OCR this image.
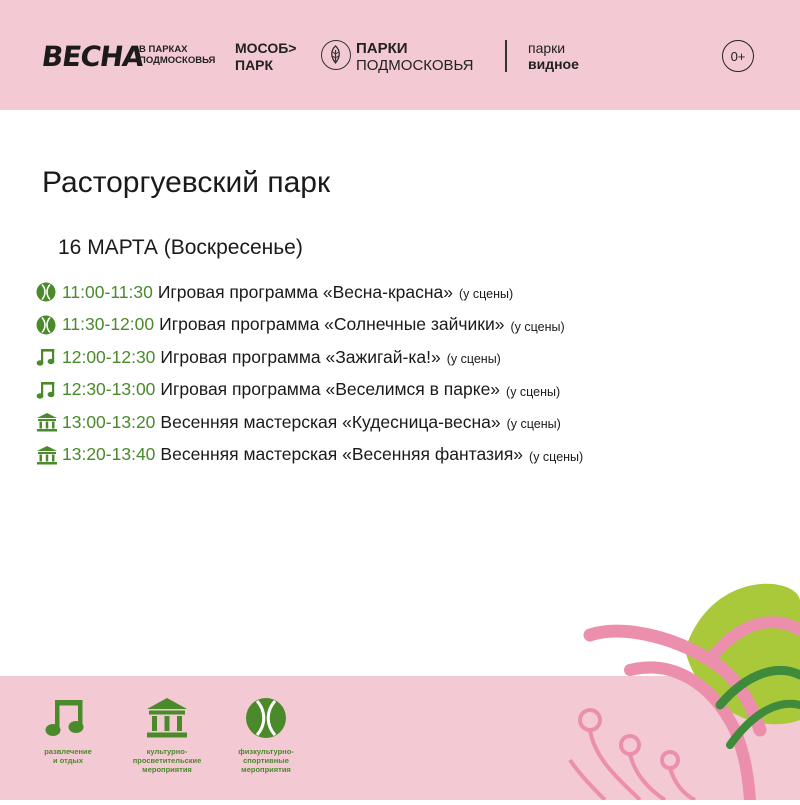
ВЕСНА
В ПАРКАХ
ПОДМОСКОВЬЯ
МОСОБ>
ПАРК
ПАРКИ
ПОДМОСКОВЬЯ
парки
видное	0+
Расторгуевский парк
16 МАРТА (Воскресенье)
11:00-11:30 Игровая программа «Весна-красна» (у сцены)
11:30-12:00 Игровая программа «Солнечные зайчики» (у сцены)
12:00-12:30 Игровая программа «Зажигай-ка!» (у сцены)
12:30-13:00 Игровая программа «Веселимся в парке» (у сцены)
13:00-13:20 Весенняя мастерская «Кудесница-весна» (у сцены)
13:20-13:40 Весенняя мастерская «Весенняя фантазия» (у сцены)
развлечение
и отдых
культурно-
просветительские
мероприятия
физкультурно-
спортивные
мероприятия
